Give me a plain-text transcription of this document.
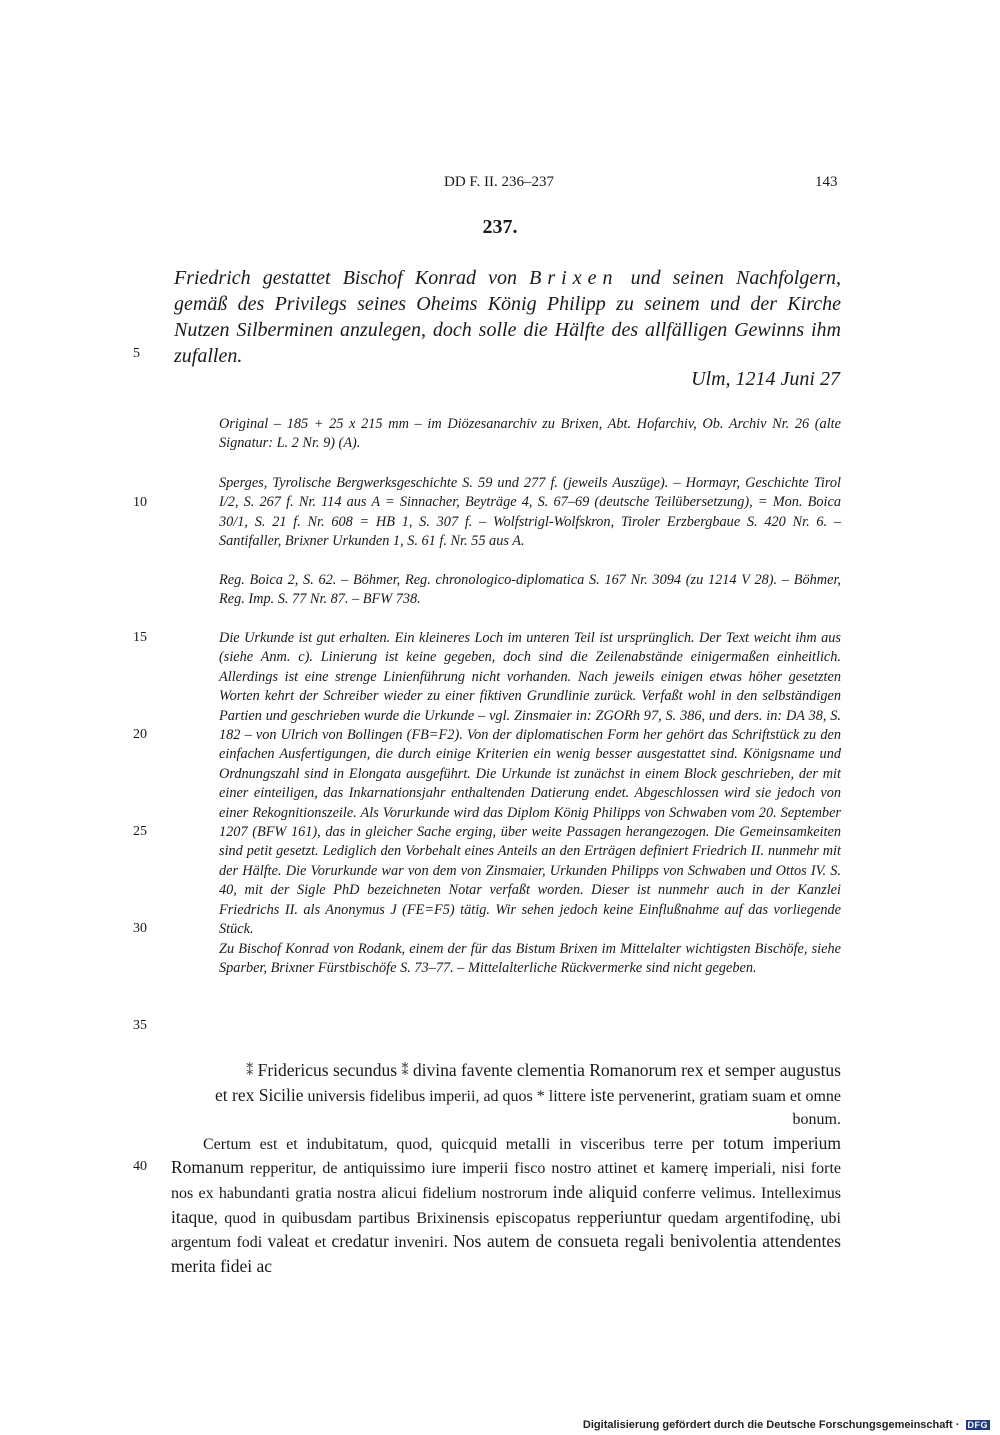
DD F. II. 236–237	143
237.
Friedrich gestattet Bischof Konrad von Brixen und seinen Nachfolgern, gemäß des Privilegs seines Oheims König Philipp zu seinem und der Kirche Nutzen Silberminen anzulegen, doch solle die Hälfte des allfälligen Gewinns ihm zufallen.
Ulm, 1214 Juni 27

Original – 185 + 25 x 215 mm – im Diözesanarchiv zu Brixen, Abt. Hofarchiv, Ob. Archiv Nr. 26 (alte Signatur: L. 2 Nr. 9) (A).

Sperges, Tyrolische Bergwerksgeschichte S. 59 und 277 f. (jeweils Auszüge). – Hormayr, Geschichte Tirol I/2, S. 267 f. Nr. 114 aus A = Sinnacher, Beyträge 4, S. 67–69 (deutsche Teilübersetzung), = Mon. Boica 30/1, S. 21 f. Nr. 608 = HB 1, S. 307 f. – Wolfstrigl-Wolfskron, Tiroler Erzbergbaue S. 420 Nr. 6. – Santifaller, Brixner Urkunden 1, S. 61 f. Nr. 55 aus A.

Reg. Boica 2, S. 62. – Böhmer, Reg. chronologico-diplomatica S. 167 Nr. 3094 (zu 1214 V 28). – Böhmer, Reg. Imp. S. 77 Nr. 87. – BFW 738.

Die Urkunde ist gut erhalten. Ein kleineres Loch im unteren Teil ist ursprünglich. Der Text weicht ihm aus (siehe Anm. c). Linierung ist keine gegeben, doch sind die Zeilenabstände einigermaßen einheitlich. Allerdings ist eine strenge Linienführung nicht vorhanden. Nach jeweils einigen etwas höher gesetzten Worten kehrt der Schreiber wieder zu einer fiktiven Grundlinie zurück. Verfaßt wohl in den selbständigen Partien und geschrieben wurde die Urkunde – vgl. Zinsmaier in: ZGORh 97, S. 386, und ders. in: DA 38, S. 182 – von Ulrich von Bollingen (FB=F2). Von der diplomatischen Form her gehört das Schriftstück zu den einfachen Ausfertigungen, die durch einige Kriterien ein wenig besser ausgestattet sind. Königsname und Ordnungszahl sind in Elongata ausgeführt. Die Urkunde ist zunächst in einem Block geschrieben, der mit einer einteiligen, das Inkarnationsjahr enthaltenden Datierung endet. Abgeschlossen wird sie jedoch von einer Rekognitionszeile. Als Vorurkunde wird das Diplom König Philipps von Schwaben vom 20. September 1207 (BFW 161), das in gleicher Sache erging, über weite Passagen herangezogen. Die Gemeinsamkeiten sind petit gesetzt. Lediglich den Vorbehalt eines Anteils an den Erträgen definiert Friedrich II. nunmehr mit der Hälfte. Die Vorurkunde war von dem von Zinsmaier, Urkunden Philipps von Schwaben und Ottos IV. S. 40, mit der Sigle PhD bezeichneten Notar verfaßt worden. Dieser ist nunmehr auch in der Kanzlei Friedrichs II. als Anonymus J (FE=F5) tätig. Wir sehen jedoch keine Einflußnahme auf das vorliegende Stück.

Zu Bischof Konrad von Rodank, einem der für das Bistum Brixen im Mittelalter wichtigsten Bischöfe, siehe Sparber, Brixner Fürstbischöfe S. 73–77. – Mittelalterliche Rückvermerke sind nicht gegeben.

⁑ Fridericus secundus ⁑ divina favente clementia Romanorum rex et semper augustus

et rex Sicilie universis fidelibus imperii, ad quos * littere iste pervenerint, gratiam suam et omne bonum.

Certum est et indubitatum, quod, quicquid metalli in visceribus terre per totum imperium Romanum repperitur, de antiquissimo iure imperii fisco nostro attinet et kamerę imperiali, nisi forte nos ex habundanti gratia nostra alicui fidelium nostrorum inde aliquid conferre velimus. Intelleximus itaque, quod in quibusdam partibus Brixinensis episcopatus repperiuntur quedam argentifodinę, ubi argentum fodi valeat et credatur inveniri. Nos autem de consueta regali benivolentia attendentes merita fidei ac

5
10
15
20
25
30
35
40
Digitalisierung gefördert durch die Deutsche Forschungsgemeinschaft · DFG
